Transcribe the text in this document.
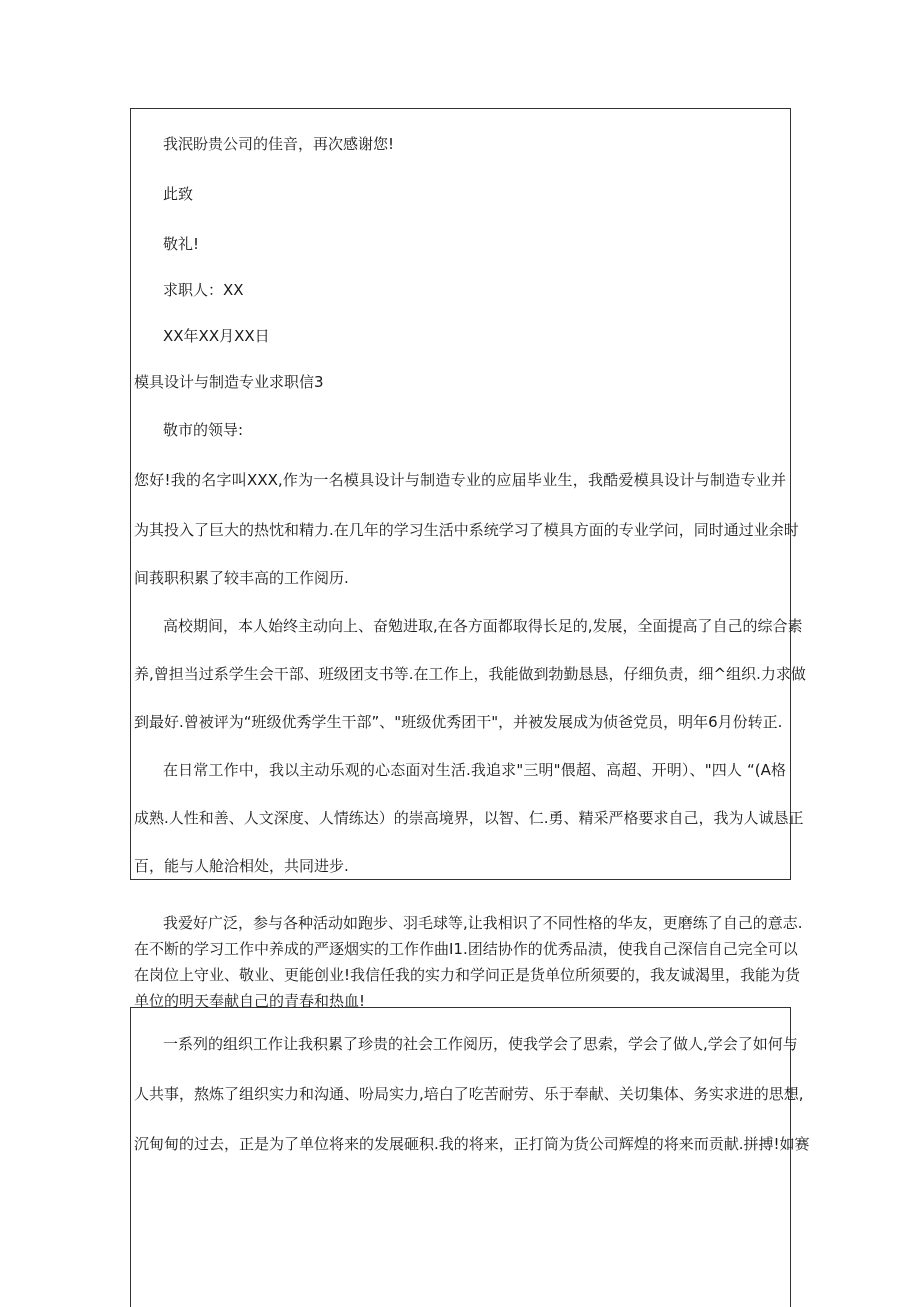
我泯盼贵公司的佳音，再次感谢您!
此致
敬礼!
求职人：XX
XX年XX月XX日
模具设计与制造专业求职信3
敬市的领导:
您好!我的名字叫XXX,作为一名模具设计与制造专业的应届毕业生，我酷爱模具设计与制造专业并
为其投入了巨大的热忱和精力.在几年的学习生活中系统学习了模具方面的专业学问，同时通过业余时
间莪职积累了较丰高的工作阅历.
高校期间，本人始终主动向上、奋勉进取,在各方面都取得长足的,发展，全面提高了自己的综合素
养,曾担当过系学生会干部、班级团支书等.在工作上，我能做到勃勤恳恳，仔细负责，细^组织.力求做
到最好.曾被评为“班级优秀学生干部”、"班级优秀团干"，并被发展成为侦爸党员，明年6月份转正.
在日常工作中，我以主动乐观的心态面对生活.我追求"三明"偎超、高超、开明）、"四人 “(A格
成熟.人性和善、人文深度、人情练达）的崇高境界，以智、仁.勇、精采严格要求自己，我为人诚恳正
百，能与人舱洽相处，共同进步.
我爱好广泛，参与各种活动如跑步、羽毛球等,让我相识了不同性格的华友，更磨练了自己的意志.
在不断的学习工作中养成的严逐烟实的工作作曲I1.团结协作的优秀品渍，使我自己深信自己完全可以
在岗位上守业、敬业、更能创业!我信任我的实力和学问正是货单位所须要的，我友诚渴里，我能为货
单位的明天奉献自己的青春和热血!
一系列的组织工作让我积累了珍贵的社会工作阅历，使我学会了思索，学会了做人,学会了如何与
人共事，熬炼了组织实力和沟通、吩局实力,培白了吃苦耐劳、乐于奉献、关切集体、务实求进的思想,
沉甸甸的过去，正是为了单位将来的发展砸积.我的将来，正打筒为货公司辉煌的将来而贡献.拼搏!如赛
